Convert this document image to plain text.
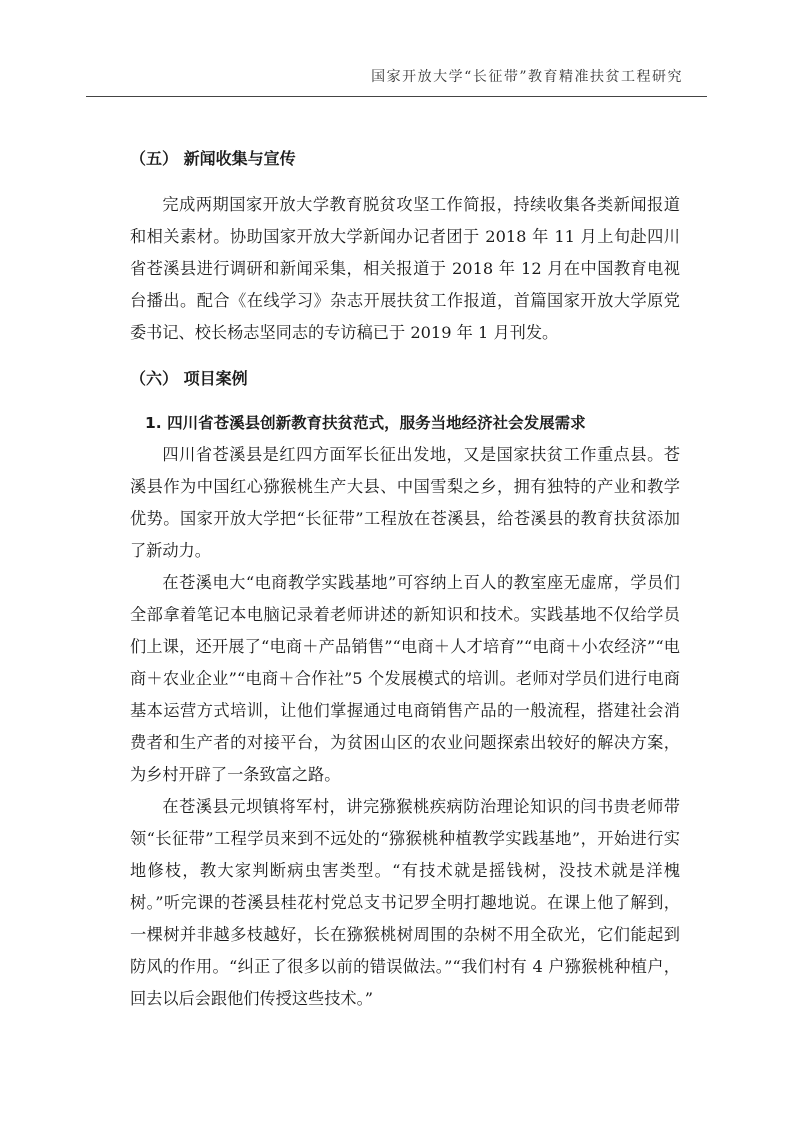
国家开放大学“长征带”教育精准扶贫工程研究
（五） 新闻收集与宣传

完成两期国家开放大学教育脱贫攻坚工作简报，持续收集各类新闻报道和相关素材。协助国家开放大学新闻办记者团于 2018 年 11 月上旬赴四川省苍溪县进行调研和新闻采集，相关报道于 2018 年 12 月在中国教育电视台播出。配合《在线学习》杂志开展扶贫工作报道，首篇国家开放大学原党委书记、校长杨志坚同志的专访稿已于 2019 年 1 月刊发。

（六） 项目案例
1. 四川省苍溪县创新教育扶贫范式，服务当地经济社会发展需求

四川省苍溪县是红四方面军长征出发地，又是国家扶贫工作重点县。苍溪县作为中国红心猕猴桃生产大县、中国雪梨之乡，拥有独特的产业和教学优势。国家开放大学把“长征带”工程放在苍溪县，给苍溪县的教育扶贫添加了新动力。

在苍溪电大“电商教学实践基地”可容纳上百人的教室座无虚席，学员们全部拿着笔记本电脑记录着老师讲述的新知识和技术。实践基地不仅给学员们上课，还开展了“电商＋产品销售”“电商＋人才培育”“电商＋小农经济”“电商＋农业企业”“电商＋合作社”5 个发展模式的培训。老师对学员们进行电商基本运营方式培训，让他们掌握通过电商销售产品的一般流程，搭建社会消费者和生产者的对接平台，为贫困山区的农业问题探索出较好的解决方案，为乡村开辟了一条致富之路。

在苍溪县元坝镇将军村，讲完猕猴桃疾病防治理论知识的闫书贵老师带领“长征带”工程学员来到不远处的“猕猴桃种植教学实践基地”，开始进行实地修枝，教大家判断病虫害类型。“有技术就是摇钱树，没技术就是洋槐树。”听完课的苍溪县桂花村党总支书记罗全明打趣地说。在课上他了解到，一棵树并非越多枝越好，长在猕猴桃树周围的杂树不用全砍光，它们能起到防风的作用。“纠正了很多以前的错误做法。”“我们村有 4 户猕猴桃种植户，回去以后会跟他们传授这些技术。”
